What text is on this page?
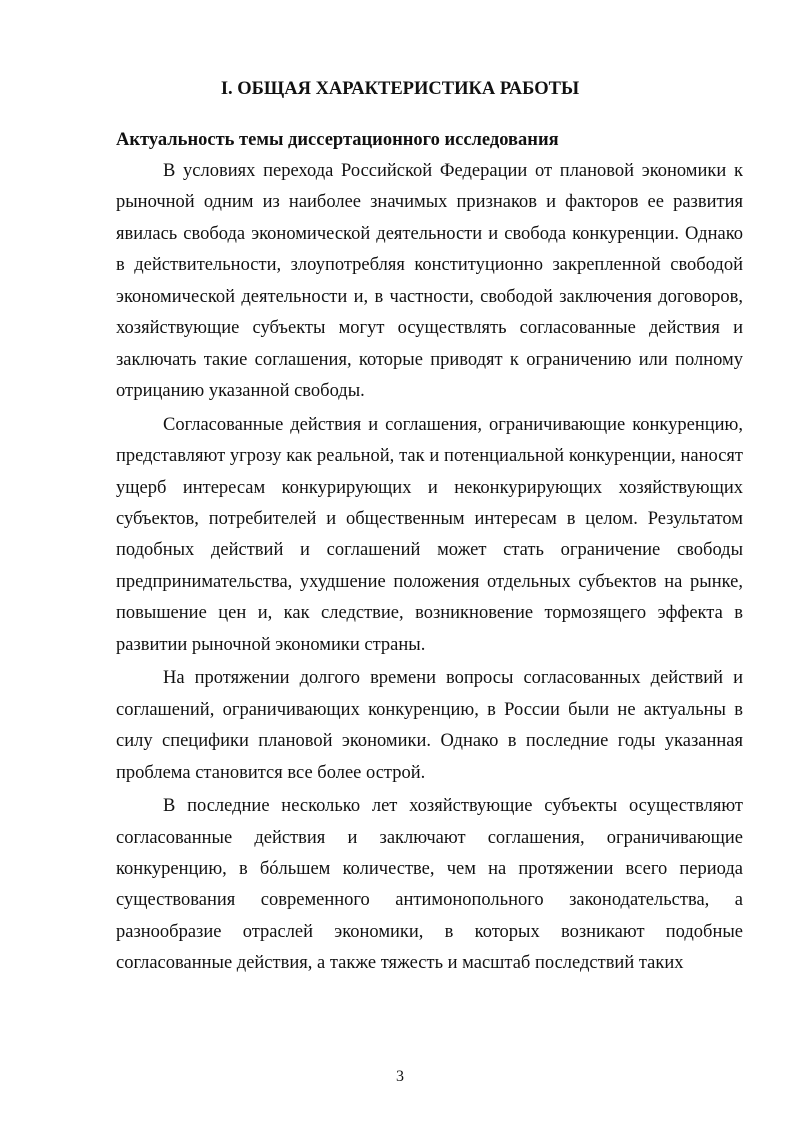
I. ОБЩАЯ ХАРАКТЕРИСТИКА РАБОТЫ
Актуальность темы диссертационного исследования

В условиях перехода Российской Федерации от плановой экономики к рыночной одним из наиболее значимых признаков и факторов ее развития явилась свобода экономической деятельности и свобода конкуренции. Однако в действительности, злоупотребляя конституционно закрепленной свободой экономической деятельности и, в частности, свободой заключения договоров, хозяйствующие субъекты могут осуществлять согласованные действия и заключать такие соглашения, которые приводят к ограничению или полному отрицанию указанной свободы.

Согласованные действия и соглашения, ограничивающие конкуренцию, представляют угрозу как реальной, так и потенциальной конкуренции, наносят ущерб интересам конкурирующих и неконкурирующих хозяйствующих субъектов, потребителей и общественным интересам в целом. Результатом подобных действий и соглашений может стать ограничение свободы предпринимательства, ухудшение положения отдельных субъектов на рынке, повышение цен и, как следствие, возникновение тормозящего эффекта в развитии рыночной экономики страны.

На протяжении долгого времени вопросы согласованных действий и соглашений, ограничивающих конкуренцию, в России были не актуальны в силу специфики плановой экономики. Однако в последние годы указанная проблема становится все более острой.

В последние несколько лет хозяйствующие субъекты осуществляют согласованные действия и заключают соглашения, ограничивающие конкуренцию, в бóльшем количестве, чем на протяжении всего периода существования современного антимонопольного законодательства, а разнообразие отраслей экономики, в которых возникают подобные согласованные действия, а также тяжесть и масштаб последствий таких

3
